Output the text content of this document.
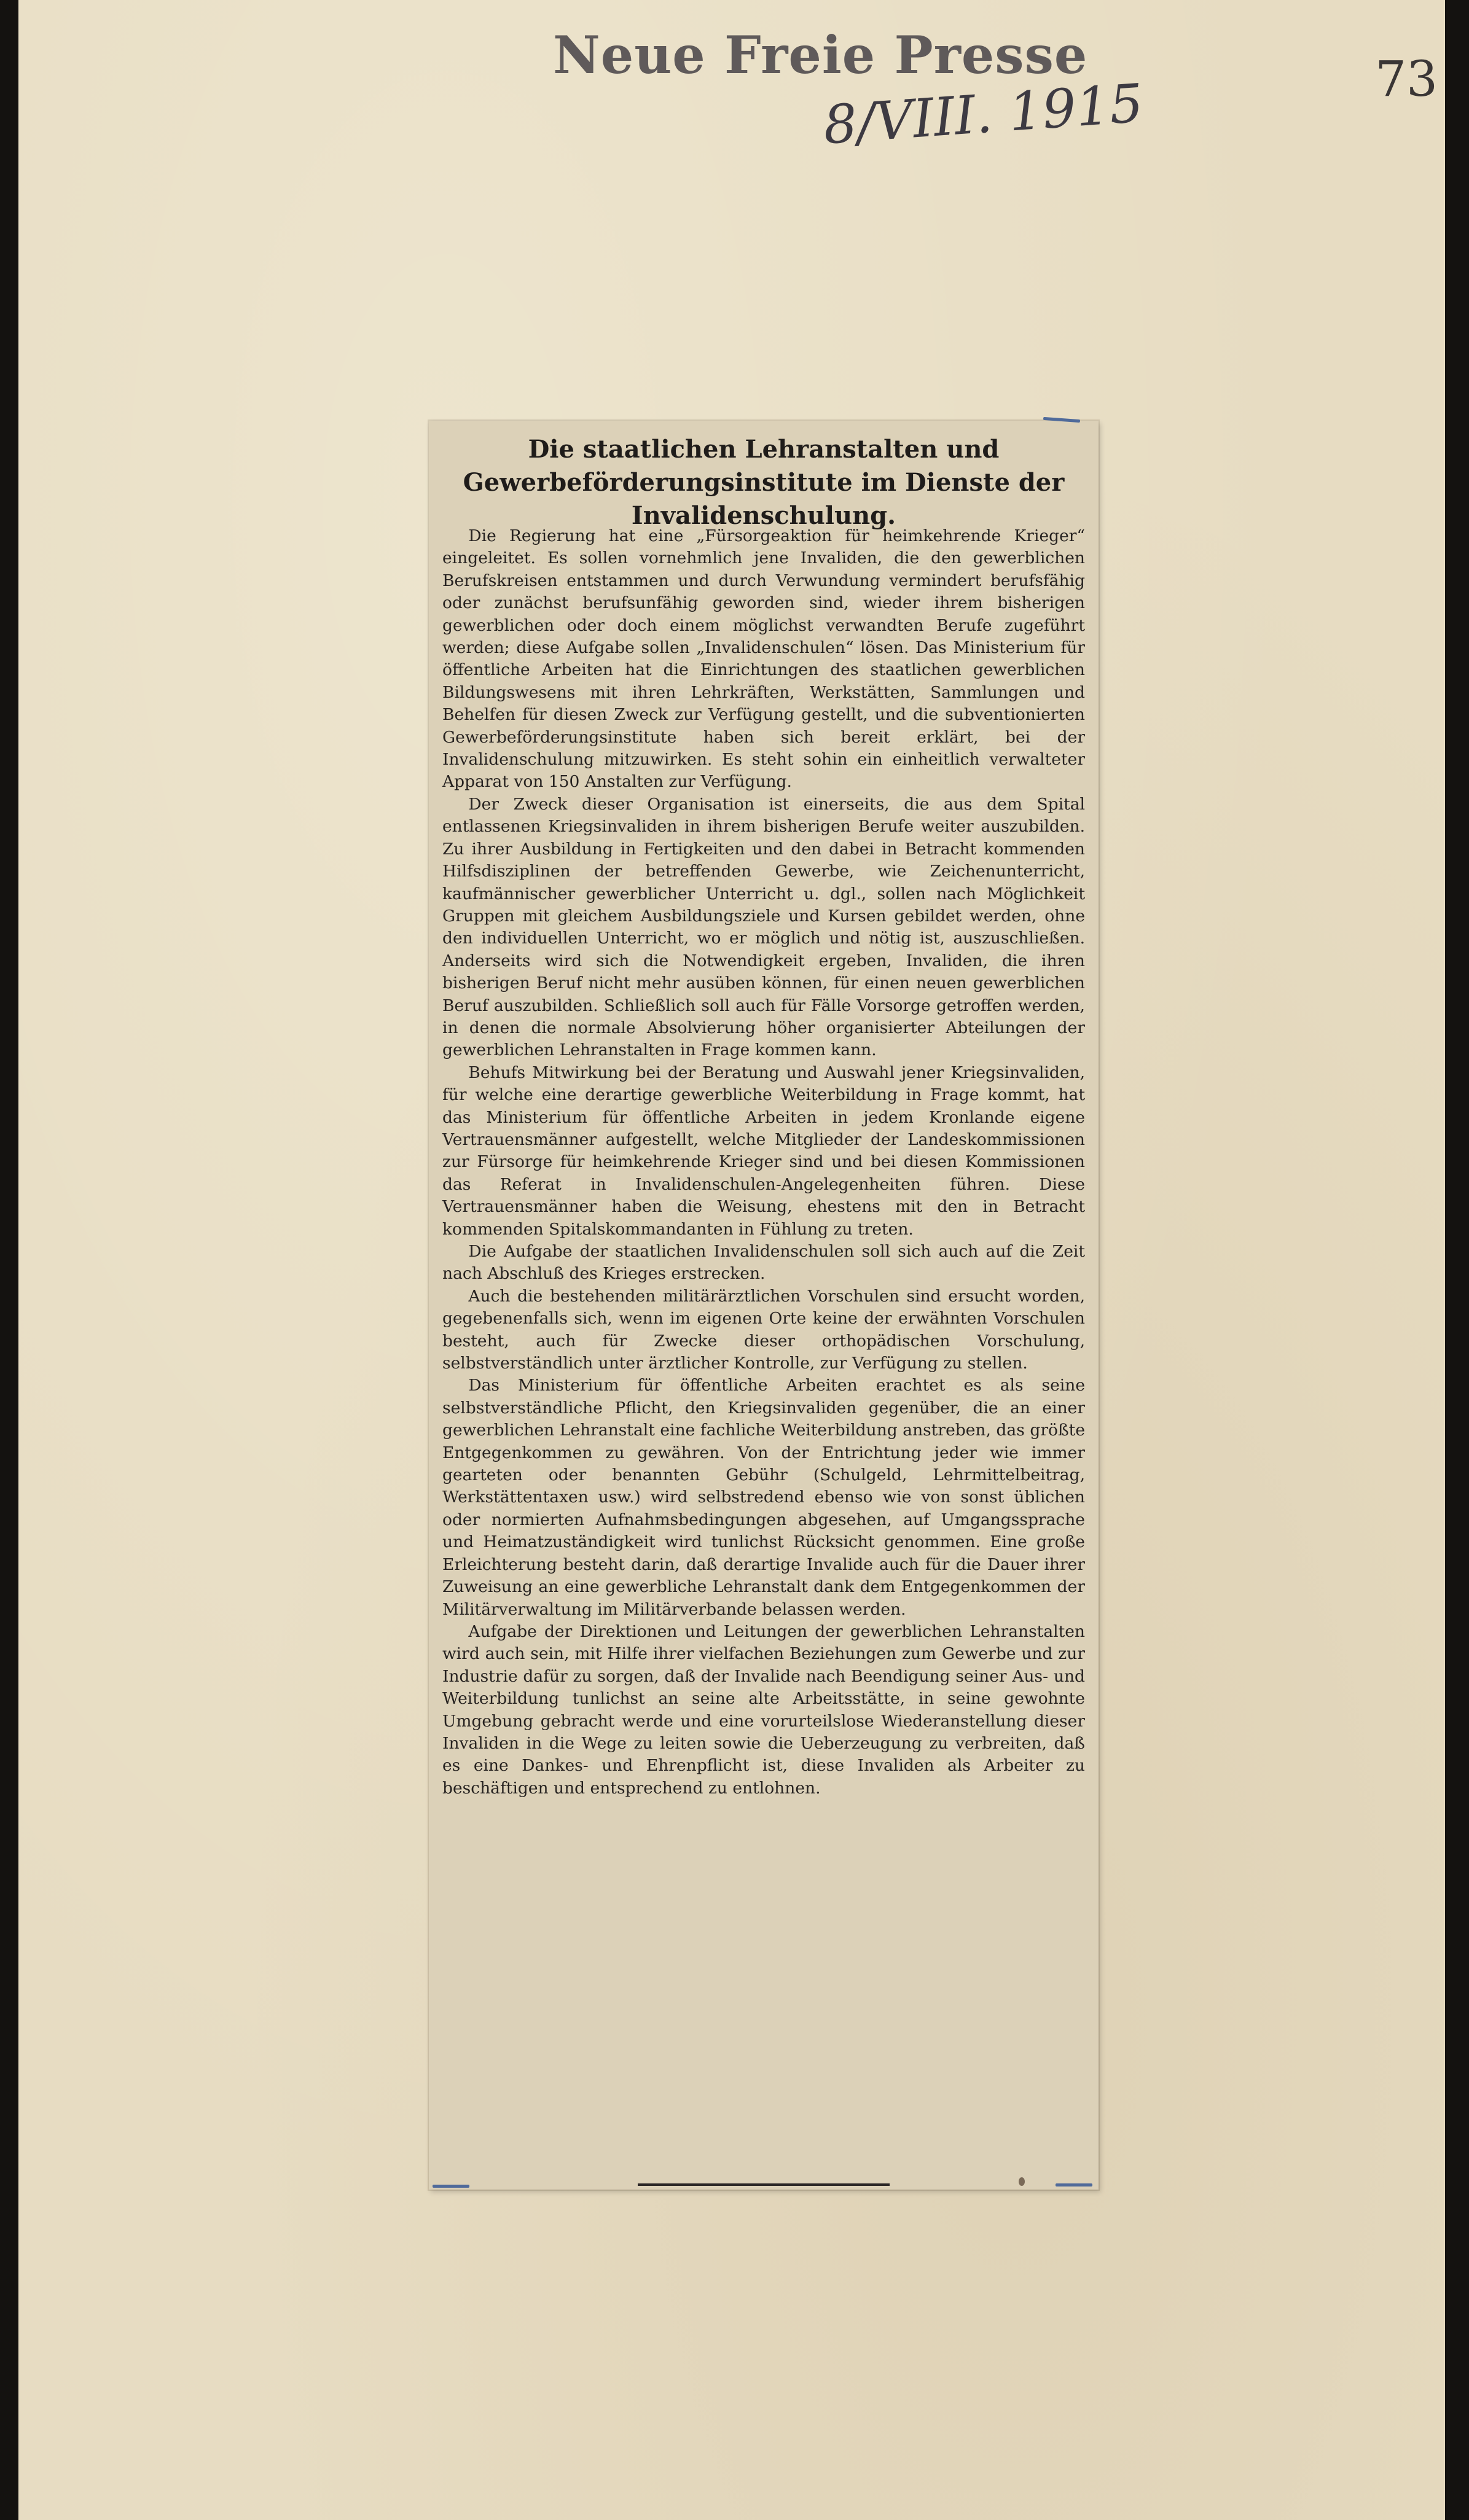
Neue Freie Presse	73
8/VIII. 1915
Die staatlichen Lehranstalten und Gewerbeförderungsinstitute im Dienste der Invalidenschulung.

Die Regierung hat eine „Fürsorgeaktion für heimkehrende Krieger“ eingeleitet. Es sollen vornehmlich jene Invaliden, die den gewerblichen Berufskreisen entstammen und durch Verwundung vermindert berufsfähig oder zunächst berufsunfähig geworden sind, wieder ihrem bisherigen gewerblichen oder doch einem möglichst verwandten Berufe zugeführt werden; diese Aufgabe sollen „Invalidenschulen“ lösen. Das Ministerium für öffentliche Arbeiten hat die Einrichtungen des staatlichen gewerblichen Bildungswesens mit ihren Lehrkräften, Werkstätten, Sammlungen und Behelfen für diesen Zweck zur Verfügung gestellt, und die subventionierten Gewerbeförderungsinstitute haben sich bereit erklärt, bei der Invalidenschulung mitzuwirken. Es steht sohin ein einheitlich verwalteter Apparat von 150 Anstalten zur Verfügung.

Der Zweck dieser Organisation ist einerseits, die aus dem Spital entlassenen Kriegsinvaliden in ihrem bisherigen Berufe weiter auszubilden. Zu ihrer Ausbildung in Fertigkeiten und den dabei in Betracht kommenden Hilfsdisziplinen der betreffenden Gewerbe, wie Zeichenunterricht, kaufmännischer gewerblicher Unterricht u. dgl., sollen nach Möglichkeit Gruppen mit gleichem Ausbildungsziele und Kursen gebildet werden, ohne den individuellen Unterricht, wo er möglich und nötig ist, auszuschließen. Anderseits wird sich die Notwendigkeit ergeben, Invaliden, die ihren bisherigen Beruf nicht mehr ausüben können, für einen neuen gewerblichen Beruf auszubilden. Schließlich soll auch für Fälle Vorsorge getroffen werden, in denen die normale Absolvierung höher organisierter Abteilungen der gewerblichen Lehranstalten in Frage kommen kann.

Behufs Mitwirkung bei der Beratung und Auswahl jener Kriegsinvaliden, für welche eine derartige gewerbliche Weiterbildung in Frage kommt, hat das Ministerium für öffentliche Arbeiten in jedem Kronlande eigene Vertrauensmänner aufgestellt, welche Mitglieder der Landeskommissionen zur Fürsorge für heimkehrende Krieger sind und bei diesen Kommissionen das Referat in Invalidenschulen-Angelegenheiten führen. Diese Vertrauensmänner haben die Weisung, ehestens mit den in Betracht kommenden Spitalskommandanten in Fühlung zu treten.

Die Aufgabe der staatlichen Invalidenschulen soll sich auch auf die Zeit nach Abschluß des Krieges erstrecken.

Auch die bestehenden militärärztlichen Vorschulen sind ersucht worden, gegebenenfalls sich, wenn im eigenen Orte keine der erwähnten Vorschulen besteht, auch für Zwecke dieser orthopädischen Vorschulung, selbstverständlich unter ärztlicher Kontrolle, zur Verfügung zu stellen.

Das Ministerium für öffentliche Arbeiten erachtet es als seine selbstverständliche Pflicht, den Kriegsinvaliden gegenüber, die an einer gewerblichen Lehranstalt eine fachliche Weiterbildung anstreben, das größte Entgegenkommen zu gewähren. Von der Entrichtung jeder wie immer gearteten oder benannten Gebühr (Schulgeld, Lehrmittelbeitrag, Werkstättentaxen usw.) wird selbstredend ebenso wie von sonst üblichen oder normierten Aufnahmsbedingungen abgesehen, auf Umgangssprache und Heimatzuständigkeit wird tunlichst Rücksicht genommen. Eine große Erleichterung besteht darin, daß derartige Invalide auch für die Dauer ihrer Zuweisung an eine gewerbliche Lehranstalt dank dem Entgegenkommen der Militärverwaltung im Militärverbande belassen werden.

Aufgabe der Direktionen und Leitungen der gewerblichen Lehranstalten wird auch sein, mit Hilfe ihrer vielfachen Beziehungen zum Gewerbe und zur Industrie dafür zu sorgen, daß der Invalide nach Beendigung seiner Aus- und Weiterbildung tunlichst an seine alte Arbeitsstätte, in seine gewohnte Umgebung gebracht werde und eine vorurteilslose Wiederanstellung dieser Invaliden in die Wege zu leiten sowie die Ueberzeugung zu verbreiten, daß es eine Dankes- und Ehrenpflicht ist, diese Invaliden als Arbeiter zu beschäftigen und entsprechend zu entlohnen.
